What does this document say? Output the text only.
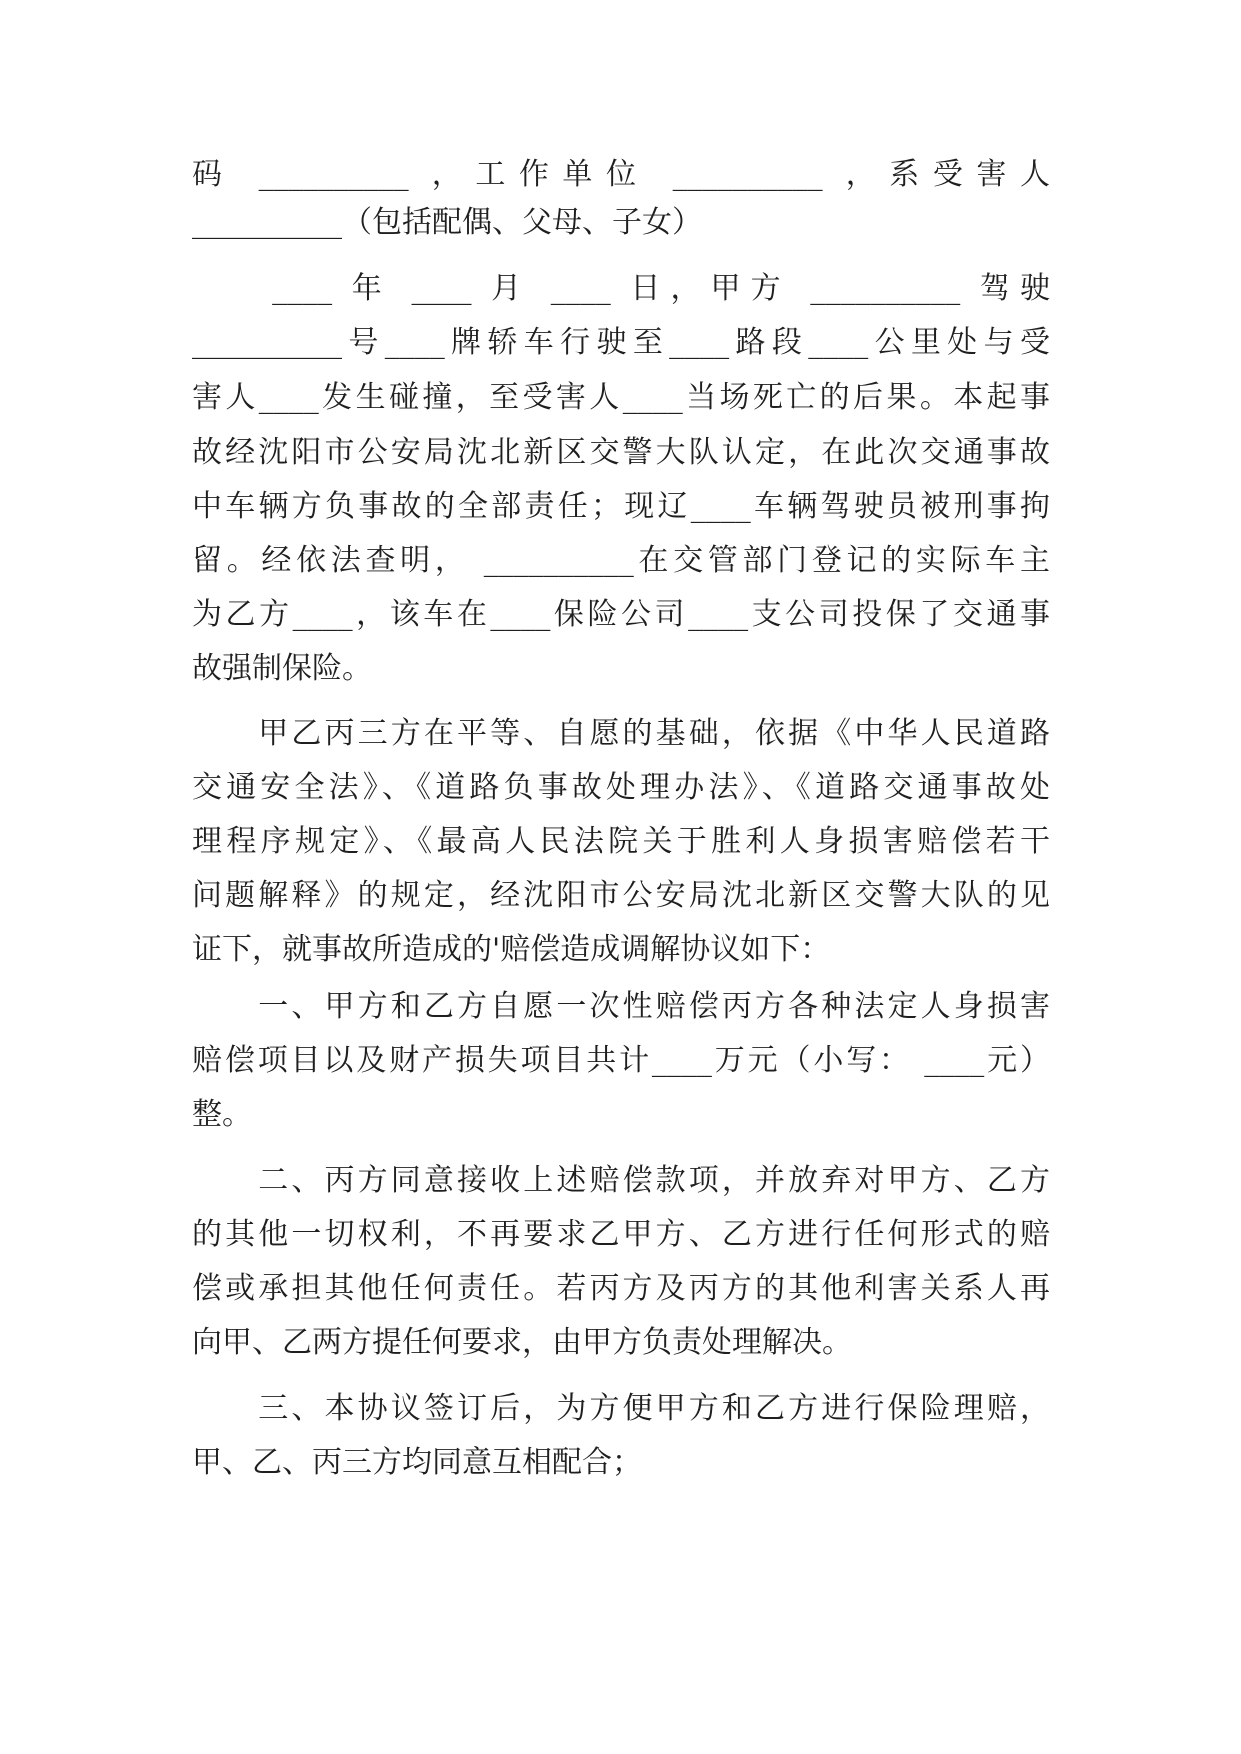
码 __________ ，工作单位 __________ ，系受害人
__________（包括配偶、父母、子女）
　　____ 年 ____ 月 ____ 日，甲方 __________ 驾驶
__________号____牌轿车行驶至____路段____公里处与受
害人____发生碰撞，至受害人____当场死亡的后果。本起事
故经沈阳市公安局沈北新区交警大队认定，在此次交通事故
中车辆方负事故的全部责任；现辽____车辆驾驶员被刑事拘
留。经依法查明， __________在交管部门登记的实际车主
为乙方____，该车在____保险公司____支公司投保了交通事
故强制保险。
　　甲乙丙三方在平等、自愿的基础，依据《中华人民道路
交通安全法》、《道路负事故处理办法》、《道路交通事故处
理程序规定》、《最高人民法院关于胜利人身损害赔偿若干
问题解释》的规定，经沈阳市公安局沈北新区交警大队的见
证下，就事故所造成的'赔偿造成调解协议如下：
　　一、甲方和乙方自愿一次性赔偿丙方各种法定人身损害
赔偿项目以及财产损失项目共计____万元（小写： ____元）
整。
　　二、丙方同意接收上述赔偿款项，并放弃对甲方、乙方
的其他一切权利，不再要求乙甲方、乙方进行任何形式的赔
偿或承担其他任何责任。若丙方及丙方的其他利害关系人再
向甲、乙两方提任何要求，由甲方负责处理解决。
　　三、本协议签订后，为方便甲方和乙方进行保险理赔，
甲、乙、丙三方均同意互相配合；
